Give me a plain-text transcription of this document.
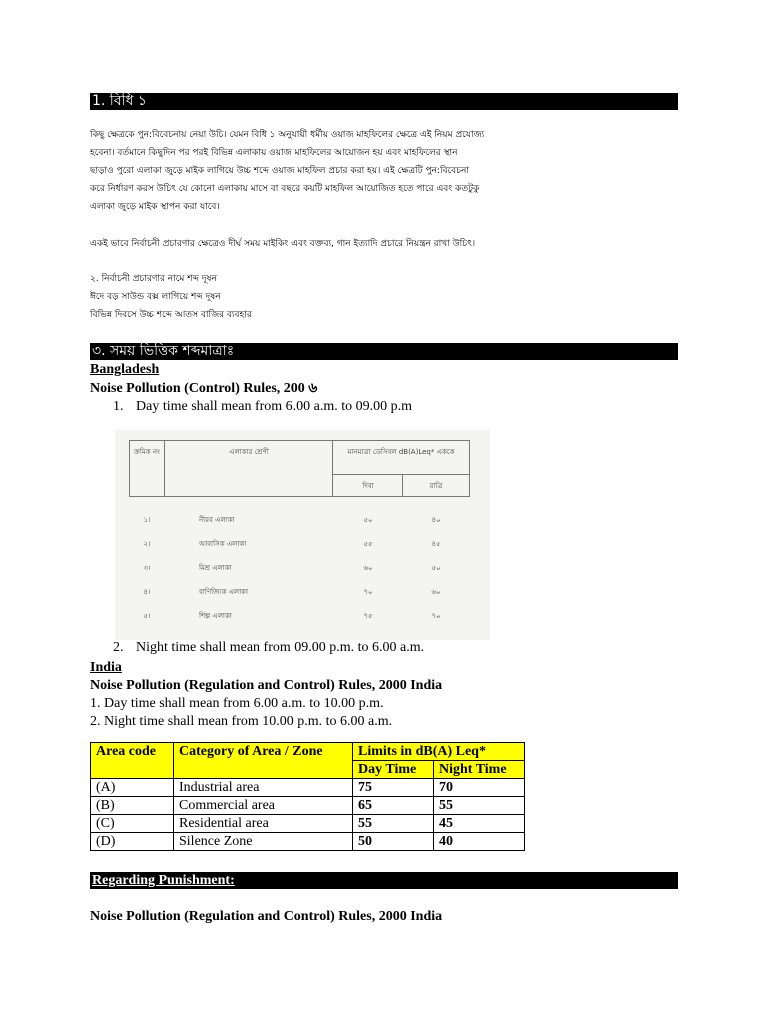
1. বিধি ১
কিছু ক্ষেত্রকে পুন:বিবেচনায় নেয়া উচি। যেমন বিধি ১ অনুযায়ী ধর্মীয় ওয়াজ মাহফিলের ক্ষেত্রে এই নিয়ম প্রযোজ্য
হবেনা। বর্তমানে কিছুদিন পর পরই বিভিন্ন এলাকায় ওয়াজ মাহফিলের আয়োজন হয় এবং মাহফিলের স্থান
ছাড়াও পুরো এলাকা জুড়ে মাইক লাগিয়ে উচ্চ শব্দে ওয়াজ মাহফিল প্রচার করা হয়। এই ক্ষেত্রটি পুন:বিবেচনা
করে নির্ধারণ করস উচিৎ যে কোনো এলাকায় মাসে বা বছরে কয়টি মাহফিল আয়োজিত হতে পারে এবং কতটুকু
এলাকা জুড়ে মাইক স্থাপন করা যাবে।
একই ভাবে নির্বাচনী প্রচারণার ক্ষেত্রেও দীর্ঘ সময় মাইকিং এবং বক্তব্য, গান ইত্যাদি প্রচারে নিয়ন্ত্রন রাখা উচিৎ।
২. নির্বাচনী প্রচারণার নামে শব্দ দূষন
ঈদে বড় সাউন্ড বক্স লাগিয়ে শব্দ দূষন
বিভিন্ন দিবসে উচ্চ শব্দে আতস বাজির ব্যবহার
৩. সময় ভিত্তিক শব্দমাত্রাঃ
Bangladesh
Noise Pollution (Control) Rules, 200 ৬
1. Day time shall mean from 6.00 a.m. to 09.00 p.m
ক্রমিক নং	এলাকার শ্রেণী	মানমাত্রা ডেসিবল dB(A)Leq* এককে
দিবা	রাত্রি
১।	নীরব এলাকা	৫০	৪০
২।	আবাসিক এলাকা	৫৫	৪৫
৩।	মিশ্র এলাকা	৬০	৫০
৪।	বাণিজ্যিক এলাকা	৭০	৬০
৫।	শিল্প এলাকা	৭৫	৭০
2. Night time shall mean from 09.00 p.m. to 6.00 a.m.
India
Noise Pollution (Regulation and Control) Rules, 2000 India
1. Day time shall mean from 6.00 a.m. to 10.00 p.m.
2. Night time shall mean from 10.00 p.m. to 6.00 a.m.
Area code	Category of Area / Zone	Limits in dB(A) Leq*	
		Day Time	Night Time
(A)	Industrial area	75	70
(B)	Commercial area	65	55
(C)	Residential area	55	45
(D)	Silence Zone	50	40
Regarding Punishment:
Noise Pollution (Regulation and Control) Rules, 2000 India
